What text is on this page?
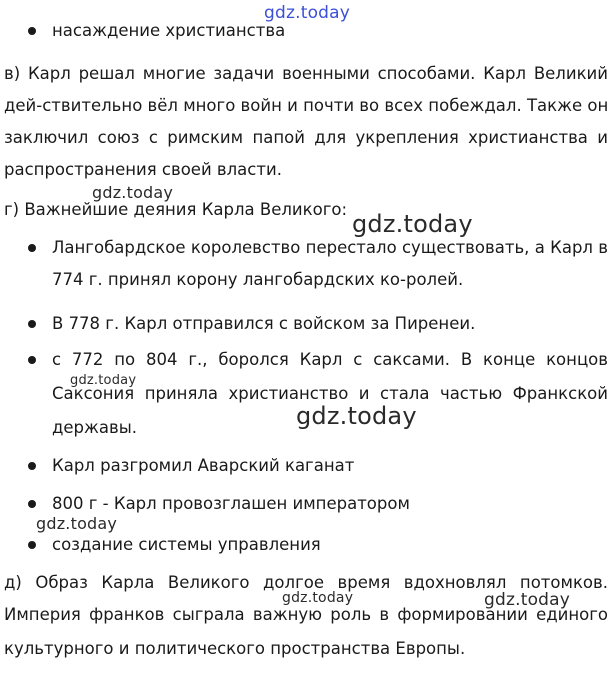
насаждение христианства
в) Карл решал многие задачи военными способами. Карл Великий
дей-ствительно вёл много войн и почти во всех побеждал. Также он
заключил союз с римским папой для укрепления христианства и
распространения своей власти.
г) Важнейшие деяния Карла Великого:
Лангобардское королевство перестало существовать, а Карл в
774 г. принял корону лангобардских ко-ролей.
В 778 г. Карл отправился с войском за Пиренеи.
с 772 по 804 г., боролся Карл с саксами. В конце концов
Саксония приняла христианство и стала частью Франкской
державы.
Карл разгромил Аварский каганат
800 г - Карл провозглашен императором
создание системы управления
д) Образ Карла Великого долгое время вдохновлял потомков.
Империя франков сыграла важную роль в формировании единого
культурного и политического пространства Европы.
gdz.today
gdz.today
gdz.today
gdz.today
gdz.today
gdz.today
gdz.today	gdz.today
